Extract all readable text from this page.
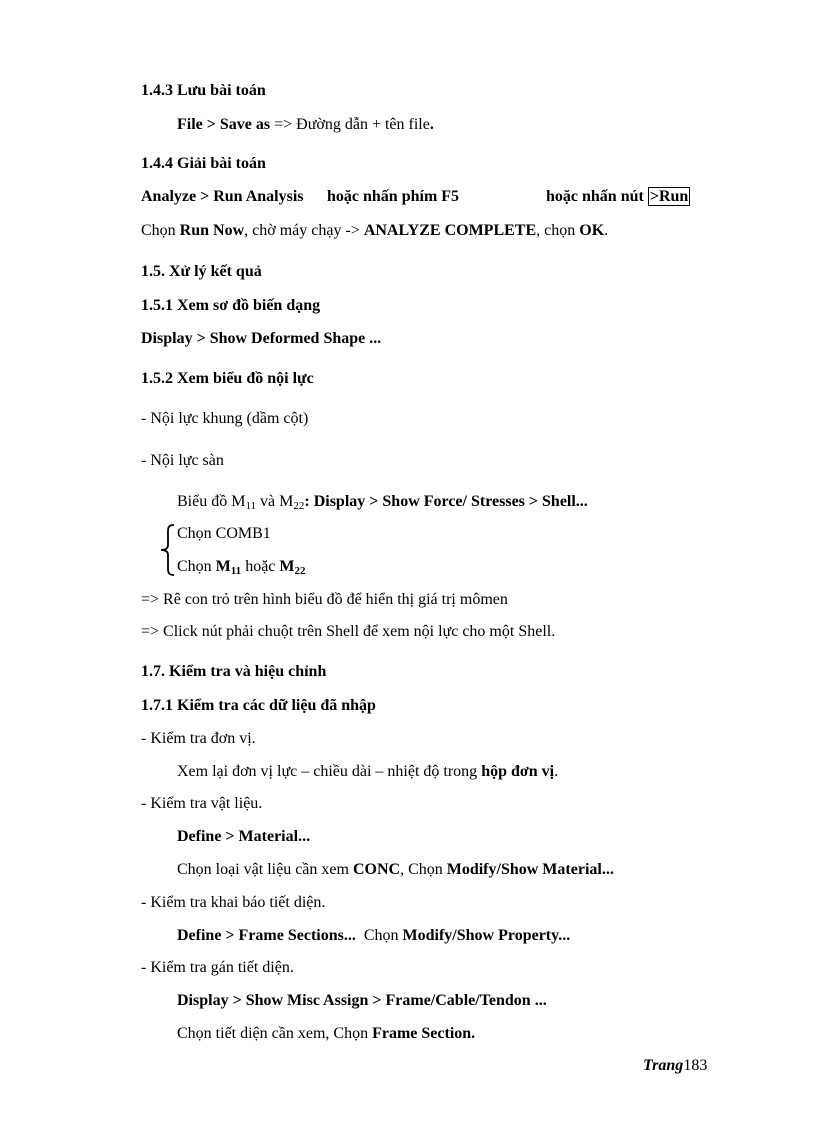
1.4.3 Lưu bài toán
File > Save as => Đường dẫn + tên file.
1.4.4 Giải bài toán
Analyze > Run Analysis hoặc nhấn phím F5	hoặc nhấn nút >Run
Chọn Run Now, chờ máy chạy -> ANALYZE COMPLETE, chọn OK.
1.5. Xử lý kết quả
1.5.1 Xem sơ đồ biến dạng
Display > Show Deformed Shape ...
1.5.2 Xem biểu đồ nội lực
- Nội lực khung (dầm cột)
- Nội lực sàn
Biểu đồ $M_{11}$ và $M_{22}$: Display > Show Force/ Stresses > Shell...
Chọn COMB1
Chọn $M_{11}$ hoặc $M_{22}$
=> Rê con trỏ trên hình biểu đồ để hiển thị giá trị mômen
=> Click nút phải chuột trên Shell để xem nội lực cho một Shell.
1.7. Kiểm tra và hiệu chỉnh
1.7.1 Kiểm tra các dữ liệu đã nhập
- Kiểm tra đơn vị.
Xem lại đơn vị lực – chiều dài – nhiệt độ trong hộp đơn vị.
- Kiểm tra vật liệu.
Define > Material...
Chọn loại vật liệu cần xem CONC, Chọn Modify/Show Material...
- Kiểm tra khai báo tiết diện.
Define > Frame Sections... Chọn Modify/Show Property...
- Kiểm tra gán tiết diện.
Display > Show Misc Assign > Frame/Cable/Tendon ...
Chọn tiết diện cần xem, Chọn Frame Section.
Trang183
